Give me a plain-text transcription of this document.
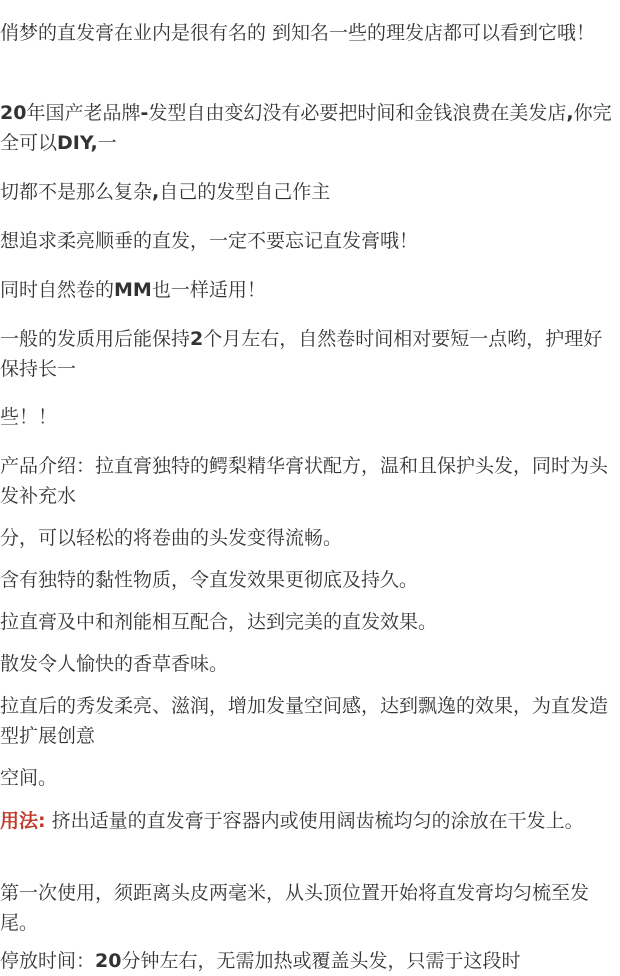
俏梦的直发膏在业内是很有名的 到知名一些的理发店都可以看到它哦！

20年国产老品牌-发型自由变幻没有必要把时间和金钱浪费在美发店,你完全可以DIY,一

切都不是那么复杂,自己的发型自己作主

想追求柔亮顺垂的直发，一定不要忘记直发膏哦！

同时自然卷的MM也一样适用！

一般的发质用后能保持2个月左右，自然卷时间相对要短一点哟，护理好保持长一

些！！

产品介绍：拉直膏独特的鳄梨精华膏状配方，温和且保护头发，同时为头发补充水

分，可以轻松的将卷曲的头发变得流畅。

含有独特的黏性物质，令直发效果更彻底及持久。

拉直膏及中和剂能相互配合，达到完美的直发效果。

散发令人愉快的香草香味。

拉直后的秀发柔亮、滋润，增加发量空间感，达到飘逸的效果，为直发造型扩展创意

空间。

用法: 挤出适量的直发膏于容器内或使用阔齿梳均匀的涂放在干发上。

第一次使用，须距离头皮两毫米，从头顶位置开始将直发膏均匀梳至发尾。

停放时间：20分钟左右，无需加热或覆盖头发，只需于这段时
